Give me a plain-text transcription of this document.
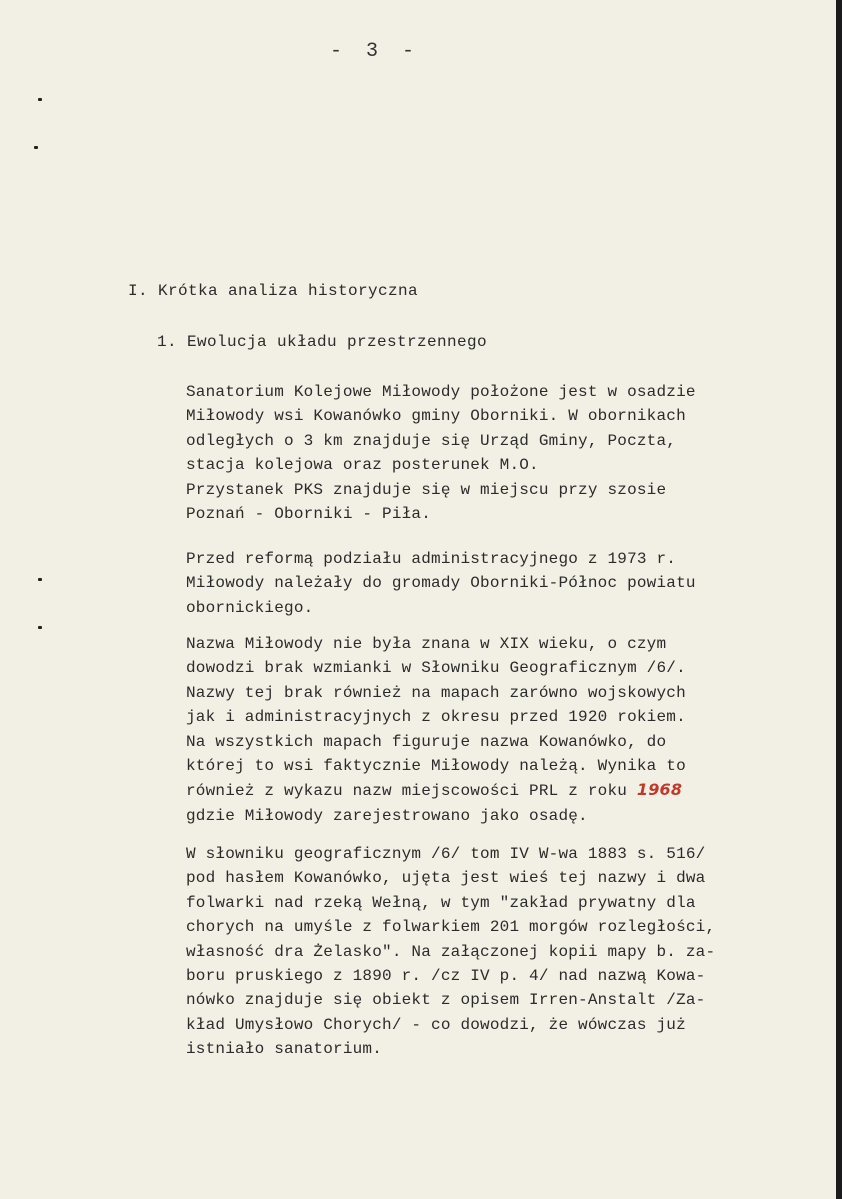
- 3 -
I. Krótka analiza historyczna
1. Ewolucja układu przestrzennego
Sanatorium Kolejowe Miłowody położone jest w osadzie
Miłowody wsi Kowanówko gminy Oborniki. W obornikach
odległych o 3 km znajduje się Urząd Gminy, Poczta,
stacja kolejowa oraz posterunek M.O.
Przystanek PKS znajduje się w miejscu przy szosie
Poznań - Oborniki - Piła.
Przed reformą podziału administracyjnego z 1973 r.
Miłowody należały do gromady Oborniki-Północ powiatu
obornickiego.
Nazwa Miłowody nie była znana w XIX wieku, o czym
dowodzi brak wzmianki w Słowniku Geograficznym /6/.
Nazwy tej brak również na mapach zarówno wojskowych
jak i administracyjnych z okresu przed 1920 rokiem.
Na wszystkich mapach figuruje nazwa Kowanówko, do
której to wsi faktycznie Miłowody należą. Wynika to
również z wykazu nazw miejscowości PRL z roku 1968
gdzie Miłowody zarejestrowano jako osadę.
W słowniku geograficznym /6/ tom IV W-wa 1883 s. 516/
pod hasłem Kowanówko, ujęta jest wieś tej nazwy i dwa
folwarki nad rzeką Wełną, w tym "zakład prywatny dla
chorych na umyśle z folwarkiem 201 morgów rozległości,
własność dra Żelasko". Na załączonej kopii mapy b. za-
boru pruskiego z 1890 r. /cz IV p. 4/ nad nazwą Kowa-
nówko znajduje się obiekt z opisem Irren-Anstalt /Za-
kład Umysłowo Chorych/ - co dowodzi, że wówczas już
istniało sanatorium.
